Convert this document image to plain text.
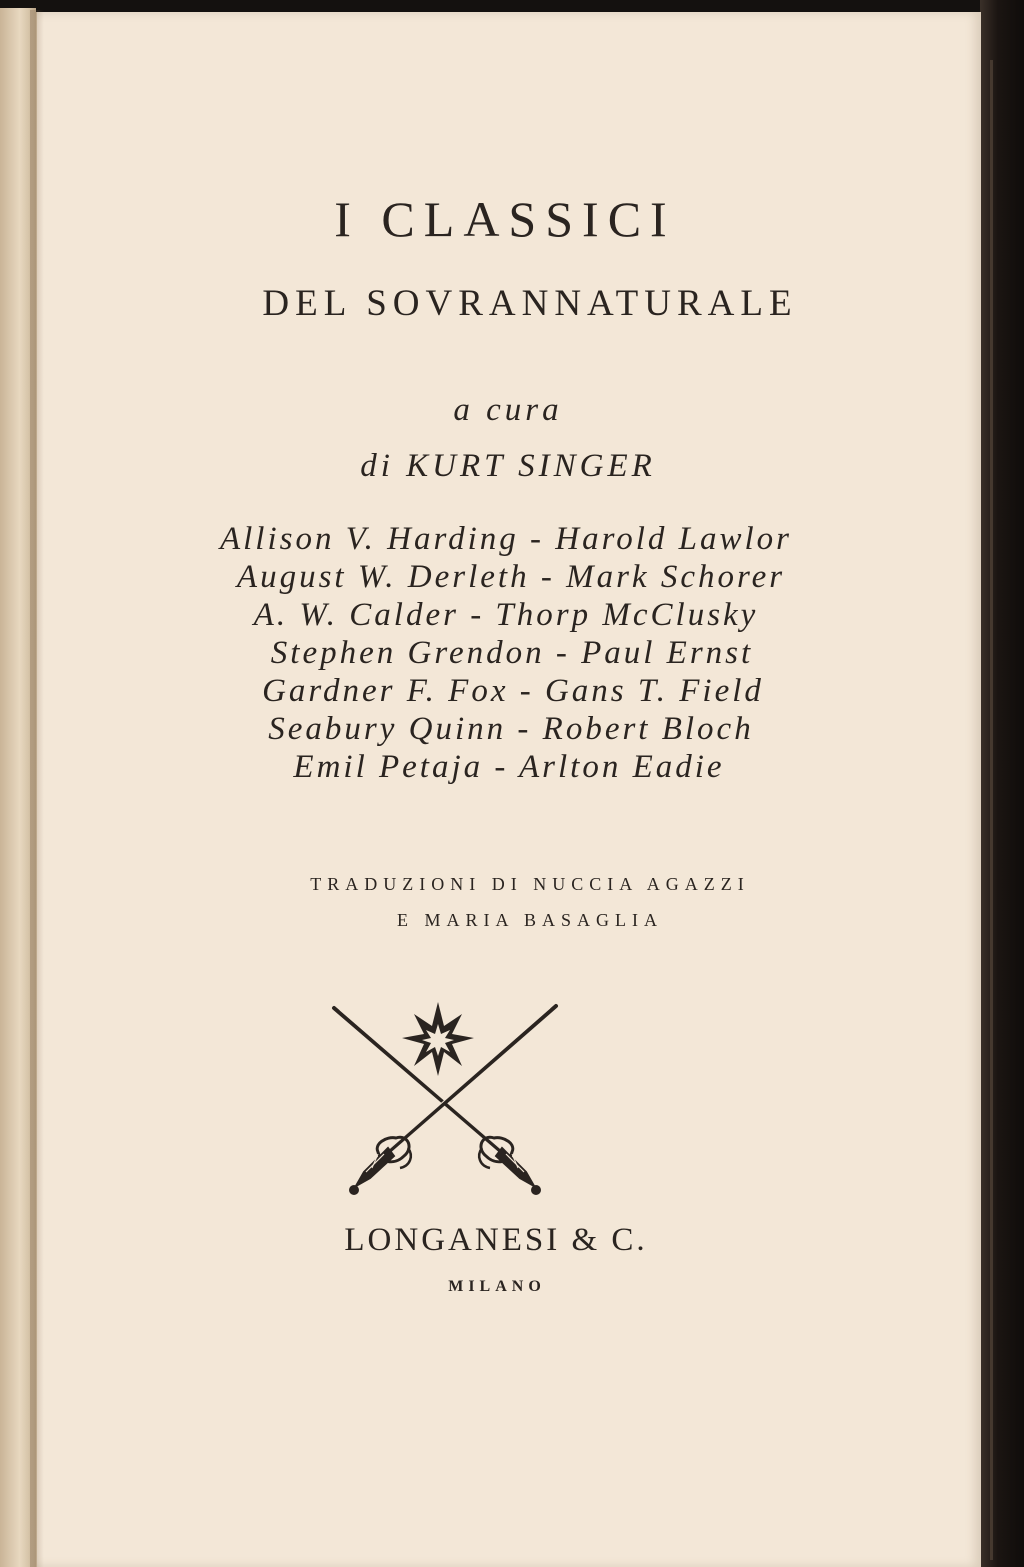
I CLASSICI
DEL SOVRANNATURALE
a cura
di KURT SINGER
Allison V. Harding - Harold Lawlor
August W. Derleth - Mark Schorer
A. W. Calder - Thorp McClusky
Stephen Grendon - Paul Ernst
Gardner F. Fox - Gans T. Field
Seabury Quinn - Robert Bloch
Emil Petaja - Arlton Eadie
TRADUZIONI DI NUCCIA AGAZZI
E MARIA BASAGLIA
LONGANESI & C.
MILANO
